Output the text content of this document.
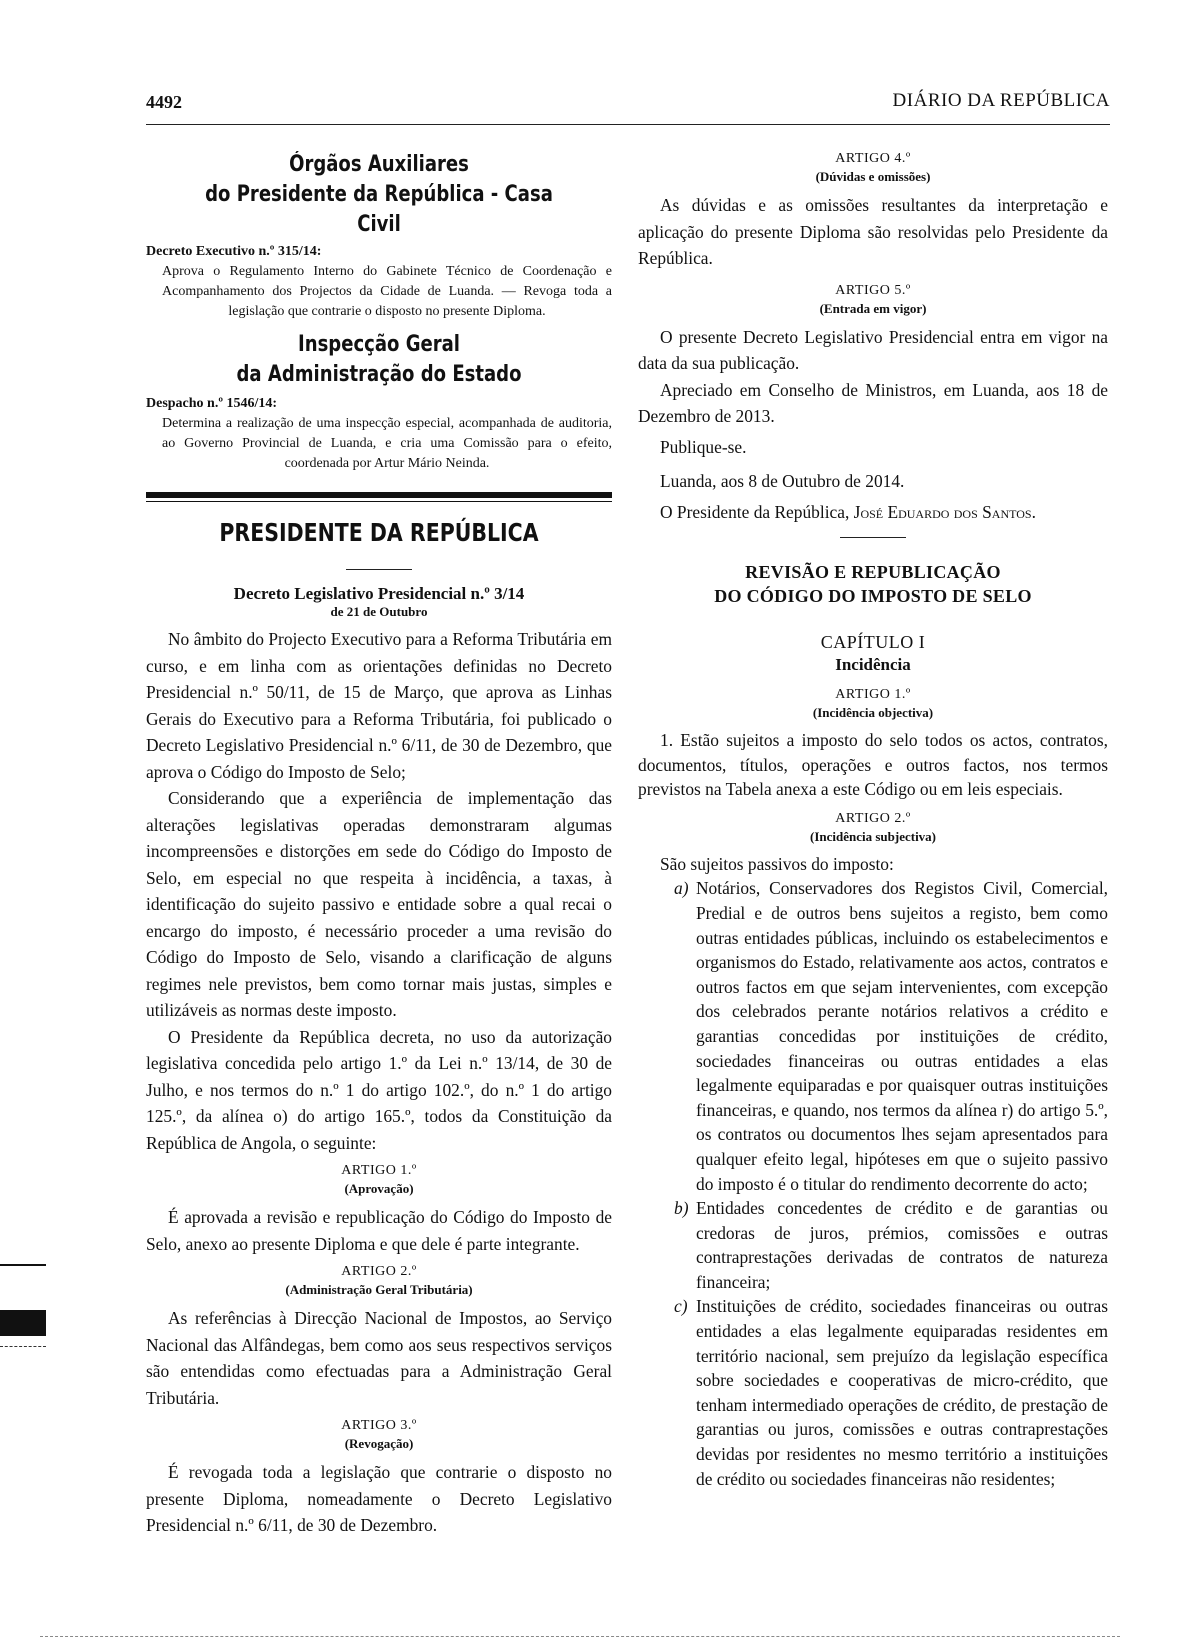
4492	DIÁRIO DA REPÚBLICA

Órgãos Auxiliares

do Presidente da República - Casa Civil

Decreto Executivo n.º 315/14:

Aprova o Regulamento Interno do Gabinete Técnico de Coordenação e Acompanhamento dos Projectos da Cidade de Luanda. — Revoga toda a legislação que contrarie o disposto no presente Diploma.

Inspecção Geral

da Administração do Estado

Despacho n.º 1546/14:

Determina a realização de uma inspecção especial, acompanhada de auditoria, ao Governo Provincial de Luanda, e cria uma Comissão para o efeito, coordenada por Artur Mário Neinda.

PRESIDENTE DA REPÚBLICA

Decreto Legislativo Presidencial n.º 3/14

de 21 de Outubro

No âmbito do Projecto Executivo para a Reforma Tributária em curso, e em linha com as orientações definidas no Decreto Presidencial n.º 50/11, de 15 de Março, que aprova as Linhas Gerais do Executivo para a Reforma Tributária, foi publicado o Decreto Legislativo Presidencial n.º 6/11, de 30 de Dezembro, que aprova o Código do Imposto de Selo;

Considerando que a experiência de implementação das alterações legislativas operadas demonstraram algumas incompreensões e distorções em sede do Código do Imposto de Selo, em especial no que respeita à incidência, a taxas, à identificação do sujeito passivo e entidade sobre a qual recai o encargo do imposto, é necessário proceder a uma revisão do Código do Imposto de Selo, visando a clarificação de alguns regimes nele previstos, bem como tornar mais justas, simples e utilizáveis as normas deste imposto.

O Presidente da República decreta, no uso da autorização legislativa concedida pelo artigo 1.º da Lei n.º 13/14, de 30 de Julho, e nos termos do n.º 1 do artigo 102.º, do n.º 1 do artigo 125.º, da alínea o) do artigo 165.º, todos da Constituição da República de Angola, o seguinte:

ARTIGO 1.º

(Aprovação)

É aprovada a revisão e republicação do Código do Imposto de Selo, anexo ao presente Diploma e que dele é parte integrante.

ARTIGO 2.º

(Administração Geral Tributária)

As referências à Direcção Nacional de Impostos, ao Serviço Nacional das Alfândegas, bem como aos seus respectivos serviços são entendidas como efectuadas para a Administração Geral Tributária.

ARTIGO 3.º

(Revogação)

É revogada toda a legislação que contrarie o disposto no presente Diploma, nomeadamente o Decreto Legislativo Presidencial n.º 6/11, de 30 de Dezembro.

ARTIGO 4.º

(Dúvidas e omissões)

As dúvidas e as omissões resultantes da interpretação e aplicação do presente Diploma são resolvidas pelo Presidente da República.

ARTIGO 5.º

(Entrada em vigor)

O presente Decreto Legislativo Presidencial entra em vigor na data da sua publicação.

Apreciado em Conselho de Ministros, em Luanda, aos 18 de Dezembro de 2013.

Publique-se.

Luanda, aos 8 de Outubro de 2014.

O Presidente da República, José Eduardo dos Santos.

REVISÃO E REPUBLICAÇÃO

DO CÓDIGO DO IMPOSTO DE SELO

CAPÍTULO I

Incidência

ARTIGO 1.º

(Incidência objectiva)

1. Estão sujeitos a imposto do selo todos os actos, contratos, documentos, títulos, operações e outros factos, nos termos previstos na Tabela anexa a este Código ou em leis especiais.

ARTIGO 2.º

(Incidência subjectiva)

São sujeitos passivos do imposto:

a) Notários, Conservadores dos Registos Civil, Comercial, Predial e de outros bens sujeitos a registo, bem como outras entidades públicas, incluindo os estabelecimentos e organismos do Estado, relativamente aos actos, contratos e outros factos em que sejam intervenientes, com excepção dos celebrados perante notários relativos a crédito e garantias concedidas por instituições de crédito, sociedades financeiras ou outras entidades a elas legalmente equiparadas e por quaisquer outras instituições financeiras, e quando, nos termos da alínea r) do artigo 5.º, os contratos ou documentos lhes sejam apresentados para qualquer efeito legal, hipóteses em que o sujeito passivo do imposto é o titular do rendimento decorrente do acto;
b) Entidades concedentes de crédito e de garantias ou credoras de juros, prémios, comissões e outras contraprestações derivadas de contratos de natureza financeira;
c) Instituições de crédito, sociedades financeiras ou outras entidades a elas legalmente equiparadas residentes em território nacional, sem prejuízo da legislação específica sobre sociedades e cooperativas de micro-crédito, que tenham intermediado operações de crédito, de prestação de garantias ou juros, comissões e outras contraprestações devidas por residentes no mesmo território a instituições de crédito ou sociedades financeiras não residentes;
